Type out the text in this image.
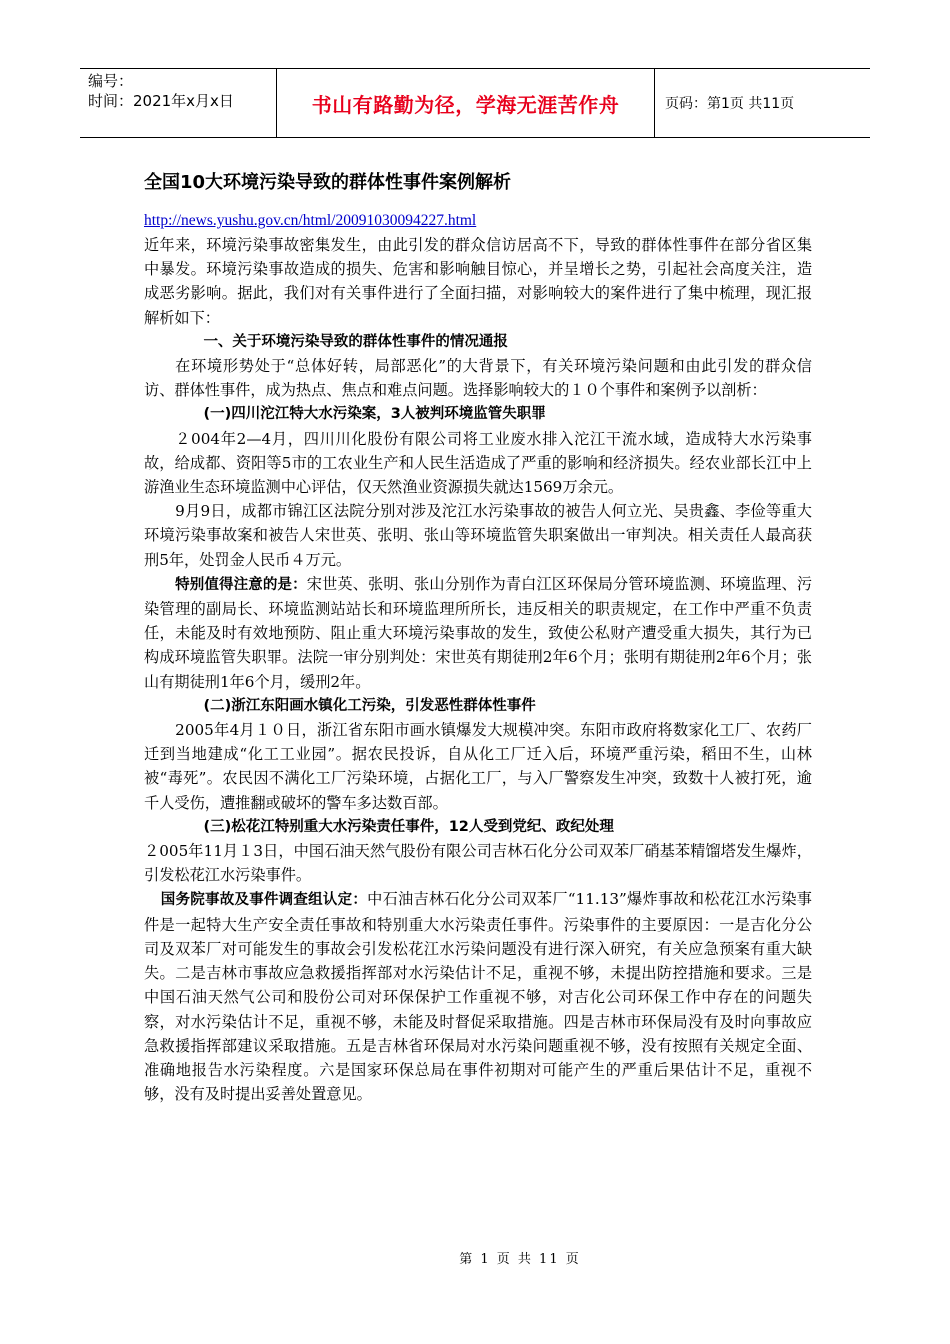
编号：
时间：2021年x月x日	书山有路勤为径，学海无涯苦作舟	页码：第1页 共11页
全国10大环境污染导致的群体性事件案例解析
http://news.yushu.gov.cn/html/20091030094227.html

近年来，环境污染事故密集发生，由此引发的群众信访居高不下，导致的群体性事件在部分省区集中暴发。环境污染事故造成的损失、危害和影响触目惊心，并呈增长之势，引起社会高度关注，造成恶劣影响。据此，我们对有关事件进行了全面扫描，对影响较大的案件进行了集中梳理，现汇报解析如下：

一、关于环境污染导致的群体性事件的情况通报

在环境形势处于“总体好转，局部恶化”的大背景下，有关环境污染问题和由此引发的群众信访、群体性事件，成为热点、焦点和难点问题。选择影响较大的１０个事件和案例予以剖析：

(一)四川沱江特大水污染案，3人被判环境监管失职罪

２004年2—4月，四川川化股份有限公司将工业废水排入沱江干流水域，造成特大水污染事故，给成都、资阳等5市的工农业生产和人民生活造成了严重的影响和经济损失。经农业部长江中上游渔业生态环境监测中心评估，仅天然渔业资源损失就达1569万余元。

9月9日，成都市锦江区法院分别对涉及沱江水污染事故的被告人何立光、吴贵鑫、李俭等重大环境污染事故案和被告人宋世英、张明、张山等环境监管失职案做出一审判决。相关责任人最高获刑5年，处罚金人民币４万元。

特别值得注意的是：宋世英、张明、张山分别作为青白江区环保局分管环境监测、环境监理、污染管理的副局长、环境监测站站长和环境监理所所长，违反相关的职责规定，在工作中严重不负责任，未能及时有效地预防、阻止重大环境污染事故的发生，致使公私财产遭受重大损失，其行为已构成环境监管失职罪。法院一审分别判处：宋世英有期徒刑2年6个月；张明有期徒刑2年6个月；张山有期徒刑1年6个月，缓刑2年。

(二)浙江东阳画水镇化工污染，引发恶性群体性事件

2005年4月１０日，浙江省东阳市画水镇爆发大规模冲突。东阳市政府将数家化工厂、农药厂迁到当地建成“化工工业园”。据农民投诉，自从化工厂迁入后，环境严重污染，稻田不生，山林被“毒死”。农民因不满化工厂污染环境，占据化工厂，与入厂警察发生冲突，致数十人被打死，逾千人受伤，遭推翻或破坏的警车多达数百部。

(三)松花江特别重大水污染责任事件，12人受到党纪、政纪处理

２005年11月１3日，中国石油天然气股份有限公司吉林石化分公司双苯厂硝基苯精馏塔发生爆炸，引发松花江水污染事件。

国务院事故及事件调查组认定：中石油吉林石化分公司双苯厂“11.13”爆炸事故和松花江水污染事件是一起特大生产安全责任事故和特别重大水污染责任事件。污染事件的主要原因：一是吉化分公司及双苯厂对可能发生的事故会引发松花江水污染问题没有进行深入研究，有关应急预案有重大缺失。二是吉林市事故应急救援指挥部对水污染估计不足，重视不够，未提出防控措施和要求。三是中国石油天然气公司和股份公司对环保保护工作重视不够，对吉化公司环保工作中存在的问题失察，对水污染估计不足，重视不够，未能及时督促采取措施。四是吉林市环保局没有及时向事故应急救援指挥部建议采取措施。五是吉林省环保局对水污染问题重视不够，没有按照有关规定全面、准确地报告水污染程度。六是国家环保总局在事件初期对可能产生的严重后果估计不足，重视不够，没有及时提出妥善处置意见。

第 1 页 共 11 页
